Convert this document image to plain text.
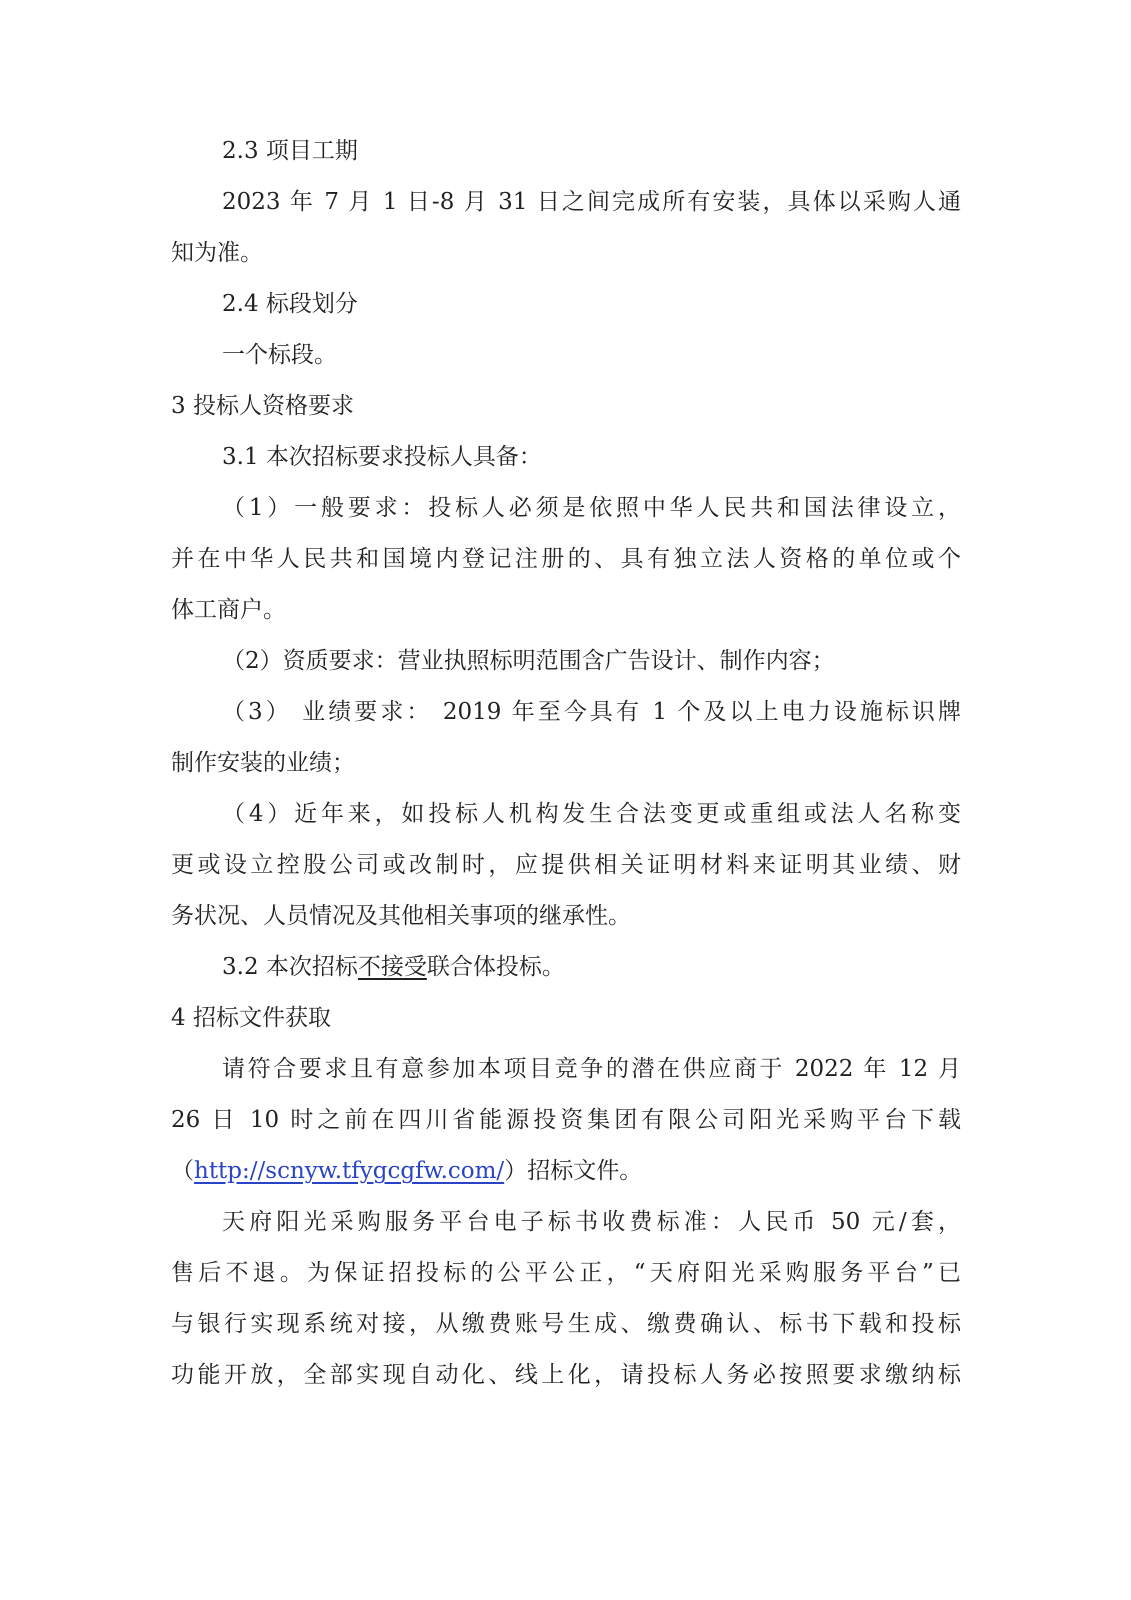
2.3 项目工期
2023 年 7 月 1 日-8 月 31 日之间完成所有安装，具体以采购人通
知为准。
2.4 标段划分
一个标段。
3 投标人资格要求
3.1 本次招标要求投标人具备：
（1）一般要求：投标人必须是依照中华人民共和国法律设立，
并在中华人民共和国境内登记注册的、具有独立法人资格的单位或个
体工商户。
（2）资质要求：营业执照标明范围含广告设计、制作内容；
（3） 业绩要求： 2019 年至今具有 1 个及以上电力设施标识牌
制作安装的业绩；
（4）近年来，如投标人机构发生合法变更或重组或法人名称变
更或设立控股公司或改制时，应提供相关证明材料来证明其业绩、财
务状况、人员情况及其他相关事项的继承性。
3.2 本次招标不接受联合体投标。
4 招标文件获取
请符合要求且有意参加本项目竞争的潜在供应商于 2022 年 12 月
26 日 10 时之前在四川省能源投资集团有限公司阳光采购平台下载
（http://scnyw.tfygcgfw.com/）招标文件。
天府阳光采购服务平台电子标书收费标准：人民币 50 元/套，
售后不退。为保证招投标的公平公正，“天府阳光采购服务平台”已
与银行实现系统对接，从缴费账号生成、缴费确认、标书下载和投标
功能开放，全部实现自动化、线上化，请投标人务必按照要求缴纳标
